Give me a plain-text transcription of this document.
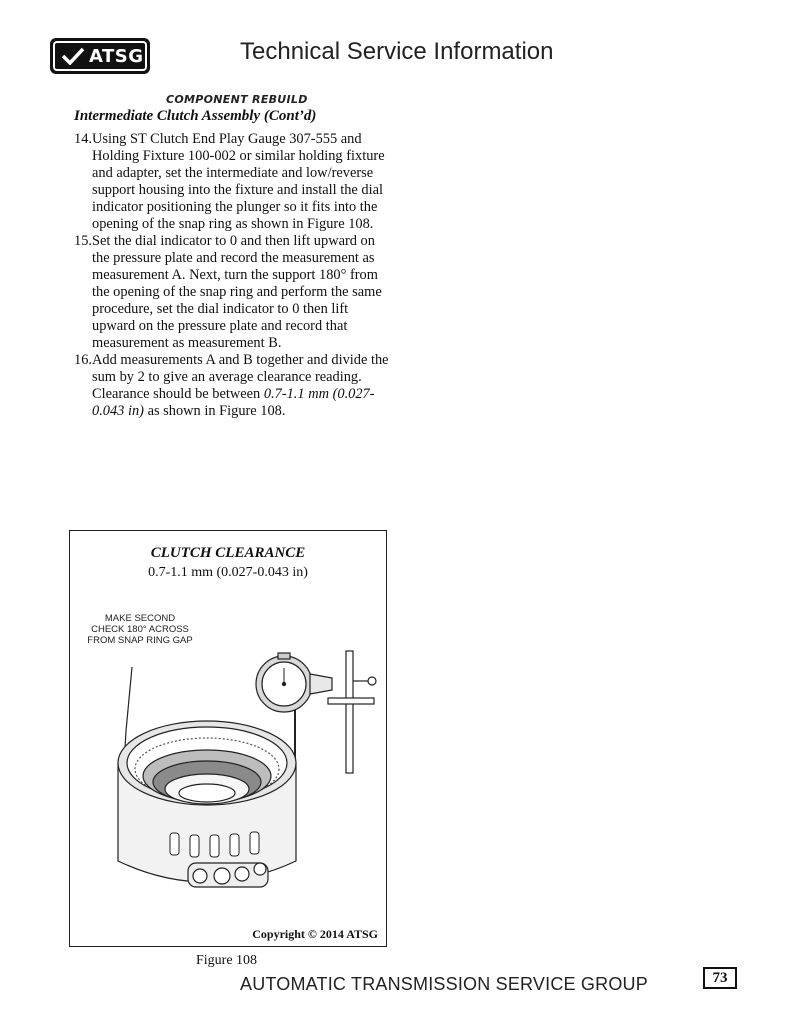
ATSG	Technical Service Information
COMPONENT REBUILD
Intermediate Clutch Assembly (Cont’d)
14. Using ST Clutch End Play Gauge 307-555 and Holding Fixture 100-002 or similar holding fixture and adapter, set the intermediate and low/reverse support housing into the fixture and install the dial indicator positioning the plunger so it fits into the opening of the snap ring as shown in Figure 108.
15. Set the dial indicator to 0 and then lift upward on the pressure plate and record the measurement as measurement A. Next, turn the support 180° from the opening of the snap ring and perform the same procedure, set the dial indicator to 0 then lift upward on the pressure plate and record that measurement as measurement B.
16. Add measurements A and B together and divide the sum by 2 to give an average clearance reading. Clearance should be between 0.7-1.1 mm (0.027-0.043 in) as shown in Figure 108.
CLUTCH CLEARANCE
0.7-1.1 mm (0.027-0.043 in)
MAKE SECOND
CHECK 180° ACROSS
FROM SNAP RING GAP
Copyright © 2014 ATSG
Figure 108
AUTOMATIC TRANSMISSION SERVICE GROUP	73
